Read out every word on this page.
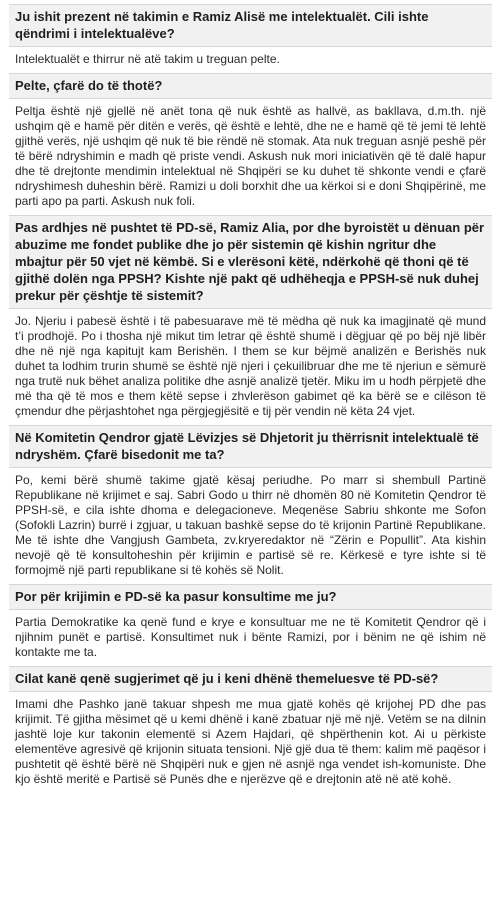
Ju ishit prezent në takimin e Ramiz Alisë me intelektualët. Cili ishte qëndrimi i intelektualëve?

Intelektualët e thirrur në atë takim u treguan pelte.

Pelte, çfarë do të thotë?

Peltja është një gjellë në anët tona që nuk është as hallvë, as bakllava, d.m.th. një ushqim që e hamë për ditën e verës, që është e lehtë, dhe ne e hamë që të jemi të lehtë gjithë verës, një ushqim që nuk të bie rëndë në stomak. Ata nuk treguan asnjë peshë për të bërë ndryshimin e madh që priste vendi. Askush nuk mori iniciativën që të dalë hapur dhe të drejtonte mendimin intelektual në Shqipëri se ku duhet të shkonte vendi e çfarë ndryshimesh duheshin bërë. Ramizi u doli borxhit dhe ua kërkoi si e doni Shqipërinë, me parti apo pa parti. Askush nuk foli.

Pas ardhjes në pushtet të PD-së, Ramiz Alia, por dhe byroistët u dënuan për abuzime me fondet publike dhe jo për sistemin që kishin ngritur dhe mbajtur për 50 vjet në këmbë. Si e vlerësoni këtë, ndërkohë që thoni që të gjithë dolën nga PPSH? Kishte një pakt që udhëheqja e PPSH-së nuk duhej prekur për çështje të sistemit?

Jo. Njeriu i pabesë është i të pabesuarave më të mëdha që nuk ka imagjinatë që mund t’i prodhojë. Po i thosha një mikut tim letrar që është shumë i dëgjuar që po bëj një libër dhe në një nga kapitujt kam Berishën. I them se kur bëjmë analizën e Berishës nuk duhet ta lodhim trurin shumë se është një njeri i çekuilibruar dhe me të njeriun e sëmurë nga trutë nuk bëhet analiza politike dhe asnjë analizë tjetër. Miku im u hodh përpjetë dhe më tha që të mos e them këtë sepse i zhvlerëson gabimet që ka bërë se e cilëson të çmendur dhe përjashtohet nga përgjegjësitë e tij për vendin në këta 24 vjet.

Në Komitetin Qendror gjatë Lëvizjes së Dhjetorit ju thërrisnit intelektualë të ndryshëm. Çfarë bisedonit me ta?

Po, kemi bërë shumë takime gjatë kësaj periudhe. Po marr si shembull Partinë Republikane në krijimet e saj. Sabri Godo u thirr në dhomën 80 në Komitetin Qendror të PPSH-së, e cila ishte dhoma e delegacioneve. Meqenëse Sabriu shkonte me Sofon (Sofokli Lazrin) burrë i zgjuar, u takuan bashkë sepse do të krijonin Partinë Republikane. Me të ishte dhe Vangjush Gambeta, zv.kryeredaktor në “Zërin e Popullit”. Ata kishin nevojë që të konsultoheshin për krijimin e partisë së re. Kërkesë e tyre ishte si të formojmë një parti republikane si të kohës së Nolit.

Por për krijimin e PD-së ka pasur konsultime me ju?

Partia Demokratike ka qenë fund e krye e konsultuar me ne të Komitetit Qendror që i njihnim punët e partisë. Konsultimet nuk i bënte Ramizi, por i bënim ne që ishim në kontakte me ta.

Cilat kanë qenë sugjerimet që ju i keni dhënë themeluesve të PD-së?

Imami dhe Pashko janë takuar shpesh me mua gjatë kohës që krijohej PD dhe pas krijimit. Të gjitha mësimet që u kemi dhënë i kanë zbatuar një më një. Vetëm se na dilnin jashtë loje kur takonin elementë si Azem Hajdari, që shpërthenin kot. Ai u përkiste elementëve agresivë që krijonin situata tensioni. Një gjë dua të them: kalim më paqësor i pushtetit që është bërë në Shqipëri nuk e gjen në asnjë nga vendet ish-komuniste. Dhe kjo është meritë e Partisë së Punës dhe e njerëzve që e drejtonin atë në atë kohë.
